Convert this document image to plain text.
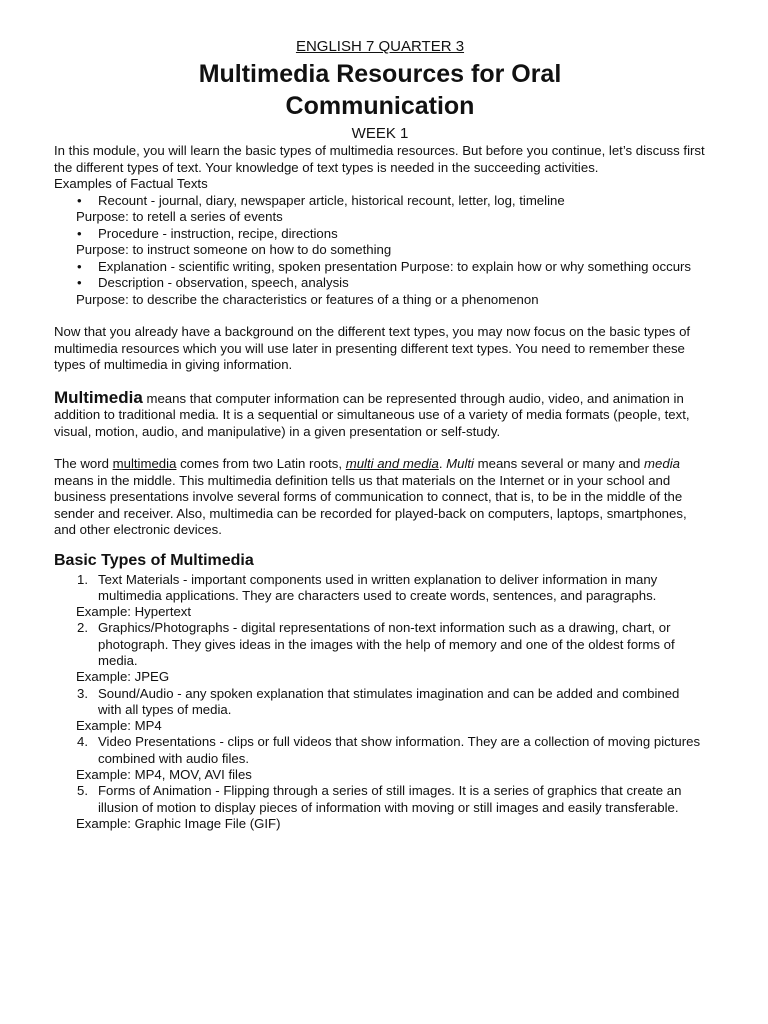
ENGLISH 7 QUARTER 3
Multimedia Resources for Oral
Communication
WEEK 1

In this module, you will learn the basic types of multimedia resources. But before you continue, let’s discuss first the different types of text. Your knowledge of text types is needed in the succeeding activities.

Examples of Factual Texts
• Recount - journal, diary, newspaper article, historical recount, letter, log, timeline
Purpose: to retell a series of events
• Procedure - instruction, recipe, directions
Purpose: to instruct someone on how to do something
• Explanation - scientific writing, spoken presentation Purpose: to explain how or why something occurs
• Description - observation, speech, analysis
Purpose: to describe the characteristics or features of a thing or a phenomenon

Now that you already have a background on the different text types, you may now focus on the basic types of multimedia resources which you will use later in presenting different text types. You need to remember these types of multimedia in giving information.

Multimedia means that computer information can be represented through audio, video, and animation in addition to traditional media. It is a sequential or simultaneous use of a variety of media formats (people, text, visual, motion, audio, and manipulative) in a given presentation or self-study.

The word multimedia comes from two Latin roots, multi and media. Multi means several or many and media means in the middle. This multimedia definition tells us that materials on the Internet or in your school and business presentations involve several forms of communication to connect, that is, to be in the middle of the sender and receiver. Also, multimedia can be recorded for played-back on computers, laptops, smartphones, and other electronic devices.

Basic Types of Multimedia
1. Text Materials - important components used in written explanation to deliver information in many multimedia applications. They are characters used to create words, sentences, and paragraphs.
Example: Hypertext
2. Graphics/Photographs - digital representations of non-text information such as a drawing, chart, or photograph. They gives ideas in the images with the help of memory and one of the oldest forms of media.
Example: JPEG
3. Sound/Audio - any spoken explanation that stimulates imagination and can be added and combined with all types of media.
Example: MP4
4. Video Presentations - clips or full videos that show information. They are a collection of moving pictures combined with audio files.
Example: MP4, MOV, AVI files
5. Forms of Animation - Flipping through a series of still images. It is a series of graphics that create an illusion of motion to display pieces of information with moving or still images and easily transferable.
Example: Graphic Image File (GIF)
